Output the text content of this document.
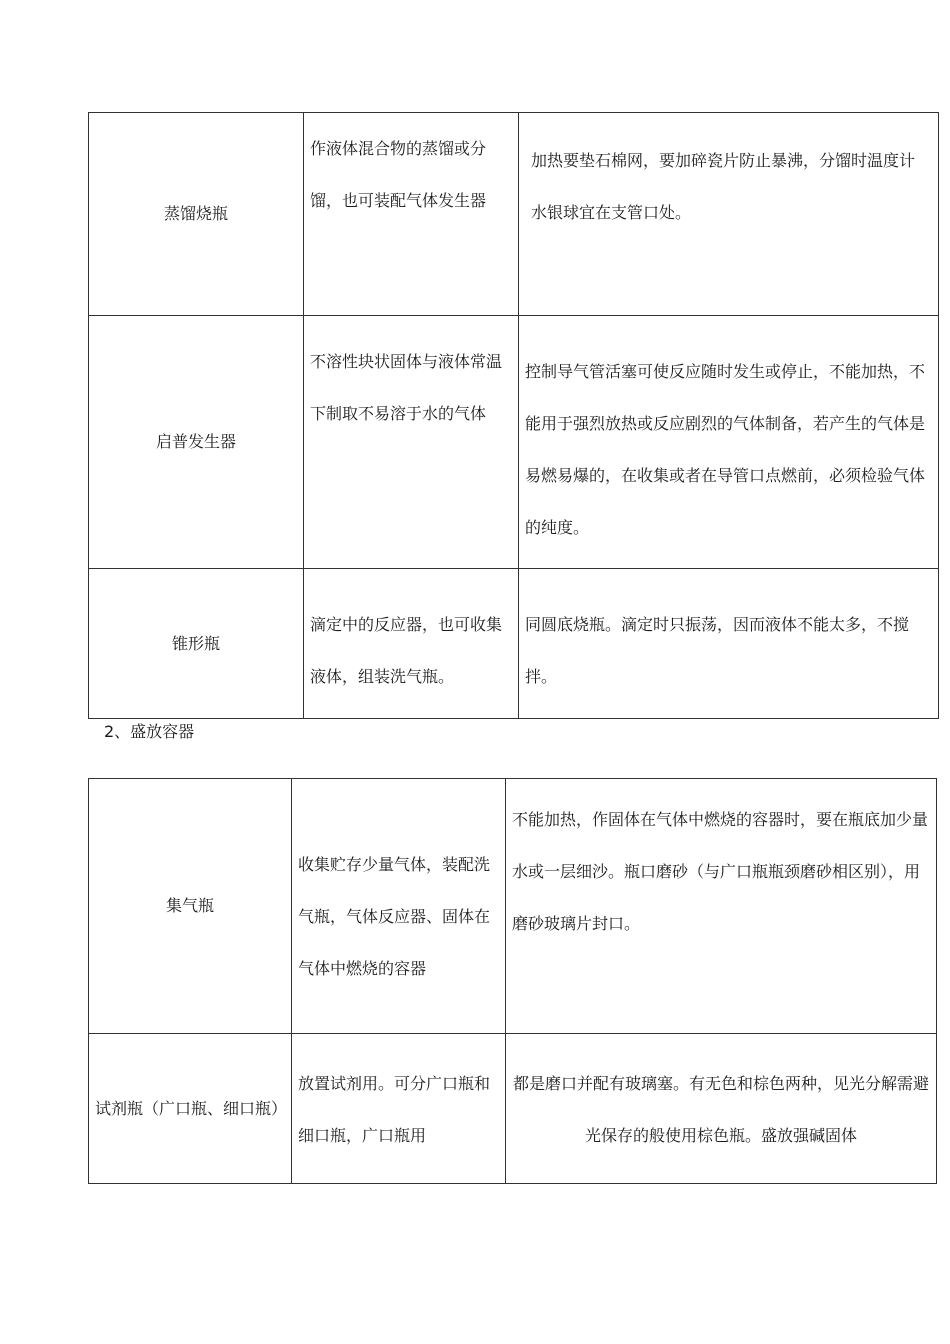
蒸馏烧瓶	作液体混合物的蒸馏或分馏，也可装配气体发生器	加热要垫石棉网，要加碎瓷片防止暴沸，分馏时温度计水银球宜在支管口处。

启普发生器	不溶性块状固体与液体常温下制取不易溶于水的气体	控制导气管活塞可使反应随时发生或停止，不能加热，不能用于强烈放热或反应剧烈的气体制备，若产生的气体是易燃易爆的，在收集或者在导管口点燃前，必须检验气体的纯度。

锥形瓶	滴定中的反应器，也可收集液体，组装洗气瓶。	同圆底烧瓶。滴定时只振荡，因而液体不能太多，不搅拌。
2、盛放容器
集气瓶	收集贮存少量气体，装配洗气瓶，气体反应器、固体在气体中燃烧的容器	不能加热，作固体在气体中燃烧的容器时，要在瓶底加少量水或一层细沙。瓶口磨砂（与广口瓶瓶颈磨砂相区别），用磨砂玻璃片封口。

试剂瓶（广口瓶、细口瓶）	放置试剂用。可分广口瓶和细口瓶，广口瓶用	都是磨口并配有玻璃塞。有无色和棕色两种，见光分解需避光保存的般使用棕色瓶。盛放强碱固体
